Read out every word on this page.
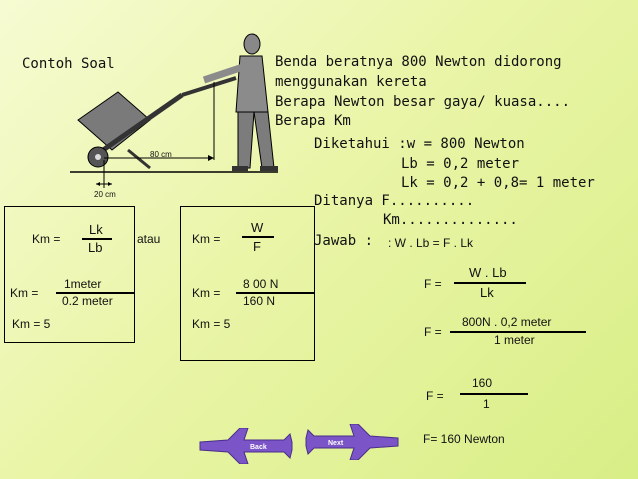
80 cm
20 cm
Contoh Soal	Benda beratnya 800 Newton didorong
menggunakan kereta
Berapa Newton besar gaya/ kuasa....
Berapa Km
Diketahui :w = 800 Newton
Lb = 0,2 meter
Lk = 0,2 + 0,8= 1 meter
Ditanya F..........
Km..............
Jawab : : W . Lb = F . Lk
Km =
Lk
Lb
Km =
1meter
0.2 meter
Km = 5
atau	Km =
W
F
Km =
8 00 N
160 N
Km = 5
F =
W . Lb
Lk
F =
800N . 0,2 meter
1 meter
F =
160
1
F= 160 Newton
Back
Next
